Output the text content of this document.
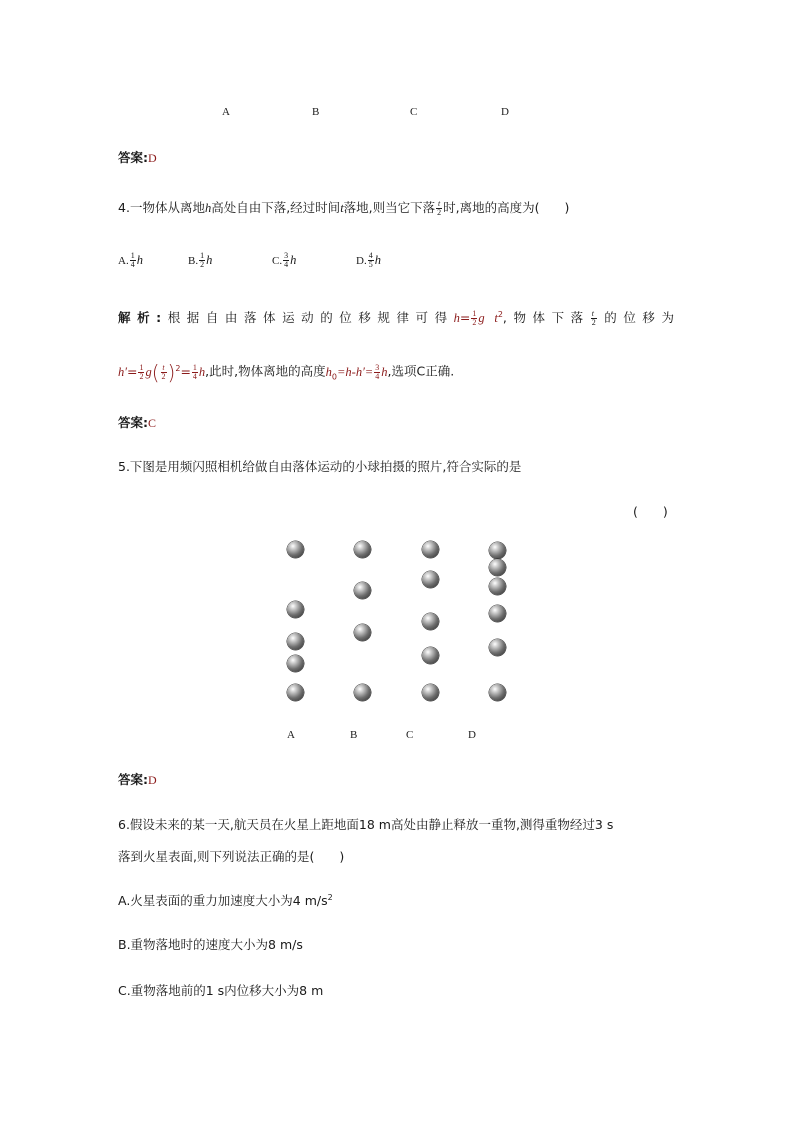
A	B	C	D
答案:D
4.一物体从离地h高处自由下落,经过时间t落地,则当它下落 $\frac{t}{2}$ 时,离地的高度为(　　)
A. $\frac{1}{4}$ h	B. $\frac{1}{2}$ h	C. $\frac{3}{4}$ h	D. $\frac{4}{5}$ h
解析:根据自由落体运动的位移规律可得$h= \frac{1}{2}$ g $t^2$,物体下落 $\frac{t}{2}$ 的位移为
$h'= \frac{1}{2} g( \frac{t}{2} )^2= \frac{1}{4} h$,此时,物体离地的高度$h_0=h-h'= \frac{3}{4} h$,选项C正确.
答案:C
5.下图是用频闪照相机给做自由落体运动的小球拍摄的照片,符合实际的是
(　　)
A	B	C	D
答案:D
6.假设未来的某一天,航天员在火星上距地面18 m高处由静止释放一重物,测得重物经过3 s
落到火星表面,则下列说法正确的是(　　)
A.火星表面的重力加速度大小为4 $m/s^2$
B.重物落地时的速度大小为8 m/s
C.重物落地前的1 s内位移大小为8 m
